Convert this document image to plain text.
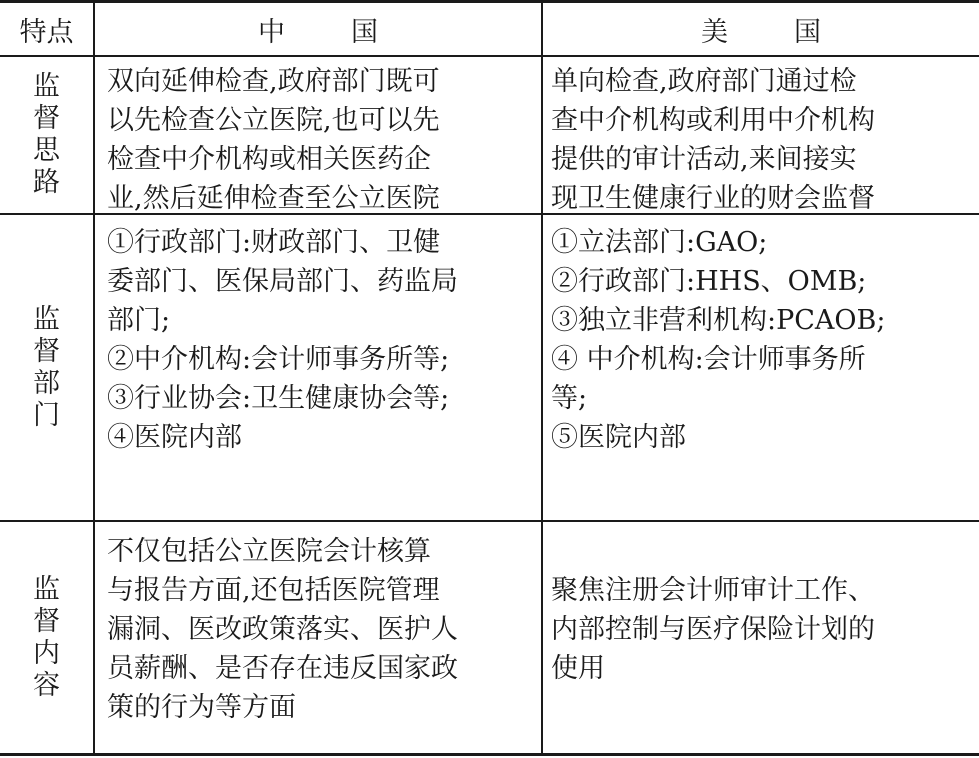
特点	中国	美国
监督思路
双向延伸检查,政府部门既可
以先检查公立医院,也可以先
检查中介机构或相关医药企
业,然后延伸检查至公立医院
单向检查,政府部门通过检
查中介机构或利用中介机构
提供的审计活动,来间接实
现卫生健康行业的财会监督
监督部门
①行政部门:财政部门、卫健
委部门、医保局部门、药监局
部门;
②中介机构:会计师事务所等;
③行业协会:卫生健康协会等;
④医院内部
①立法部门:GAO;
②行政部门:HHS、OMB;
③独立非营利机构:PCAOB;
④ 中介机构:会计师事务所
等;
⑤医院内部
监督内容
不仅包括公立医院会计核算
与报告方面,还包括医院管理
漏洞、医改政策落实、医护人
员薪酬、是否存在违反国家政
策的行为等方面
聚焦注册会计师审计工作、
内部控制与医疗保险计划的
使用
